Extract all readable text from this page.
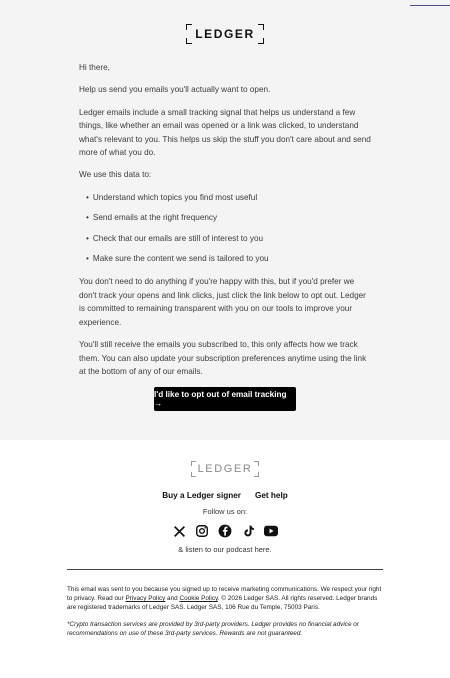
LEDGER

Hi there,

Help us send you emails you'll actually want to open.

Ledger emails include a small tracking signal that helps us understand a few things, like whether an email was opened or a link was clicked, to understand what's relevant to you. This helps us skip the stuff you don't care about and send more of what you do.

We use this data to:

• Understand which topics you find most useful
• Send emails at the right frequency
• Check that our emails are still of interest to you
• Make sure the content we send is tailored to you

You don't need to do anything if you're happy with this, but if you'd prefer we don't track your opens and link clicks, just click the link below to opt out. Ledger is committed to remaining transparent with you on our tools to improve your experience.

You'll still receive the emails you subscribed to, this only affects how we track them. You can also update your subscription preferences anytime using the link at the bottom of any of our emails.

I'd like to opt out of email tracking →
LEDGER
Buy a Ledger signer Get help
Follow us on:
& listen to our podcast here.

This email was sent to you because you signed up to receive marketing communications. We respect your right to privacy. Read our Privacy Policy and Cookie Policy. © 2026 Ledger SAS. All rights reserved. Ledger brands are registered trademarks of Ledger SAS. Ledger SAS, 106 Rue du Temple, 75003 Paris.

*Crypto transaction services are provided by 3rd-party providers. Ledger provides no financial advice or recommendations on use of these 3rd-party services. Rewards are not guaranteed.
